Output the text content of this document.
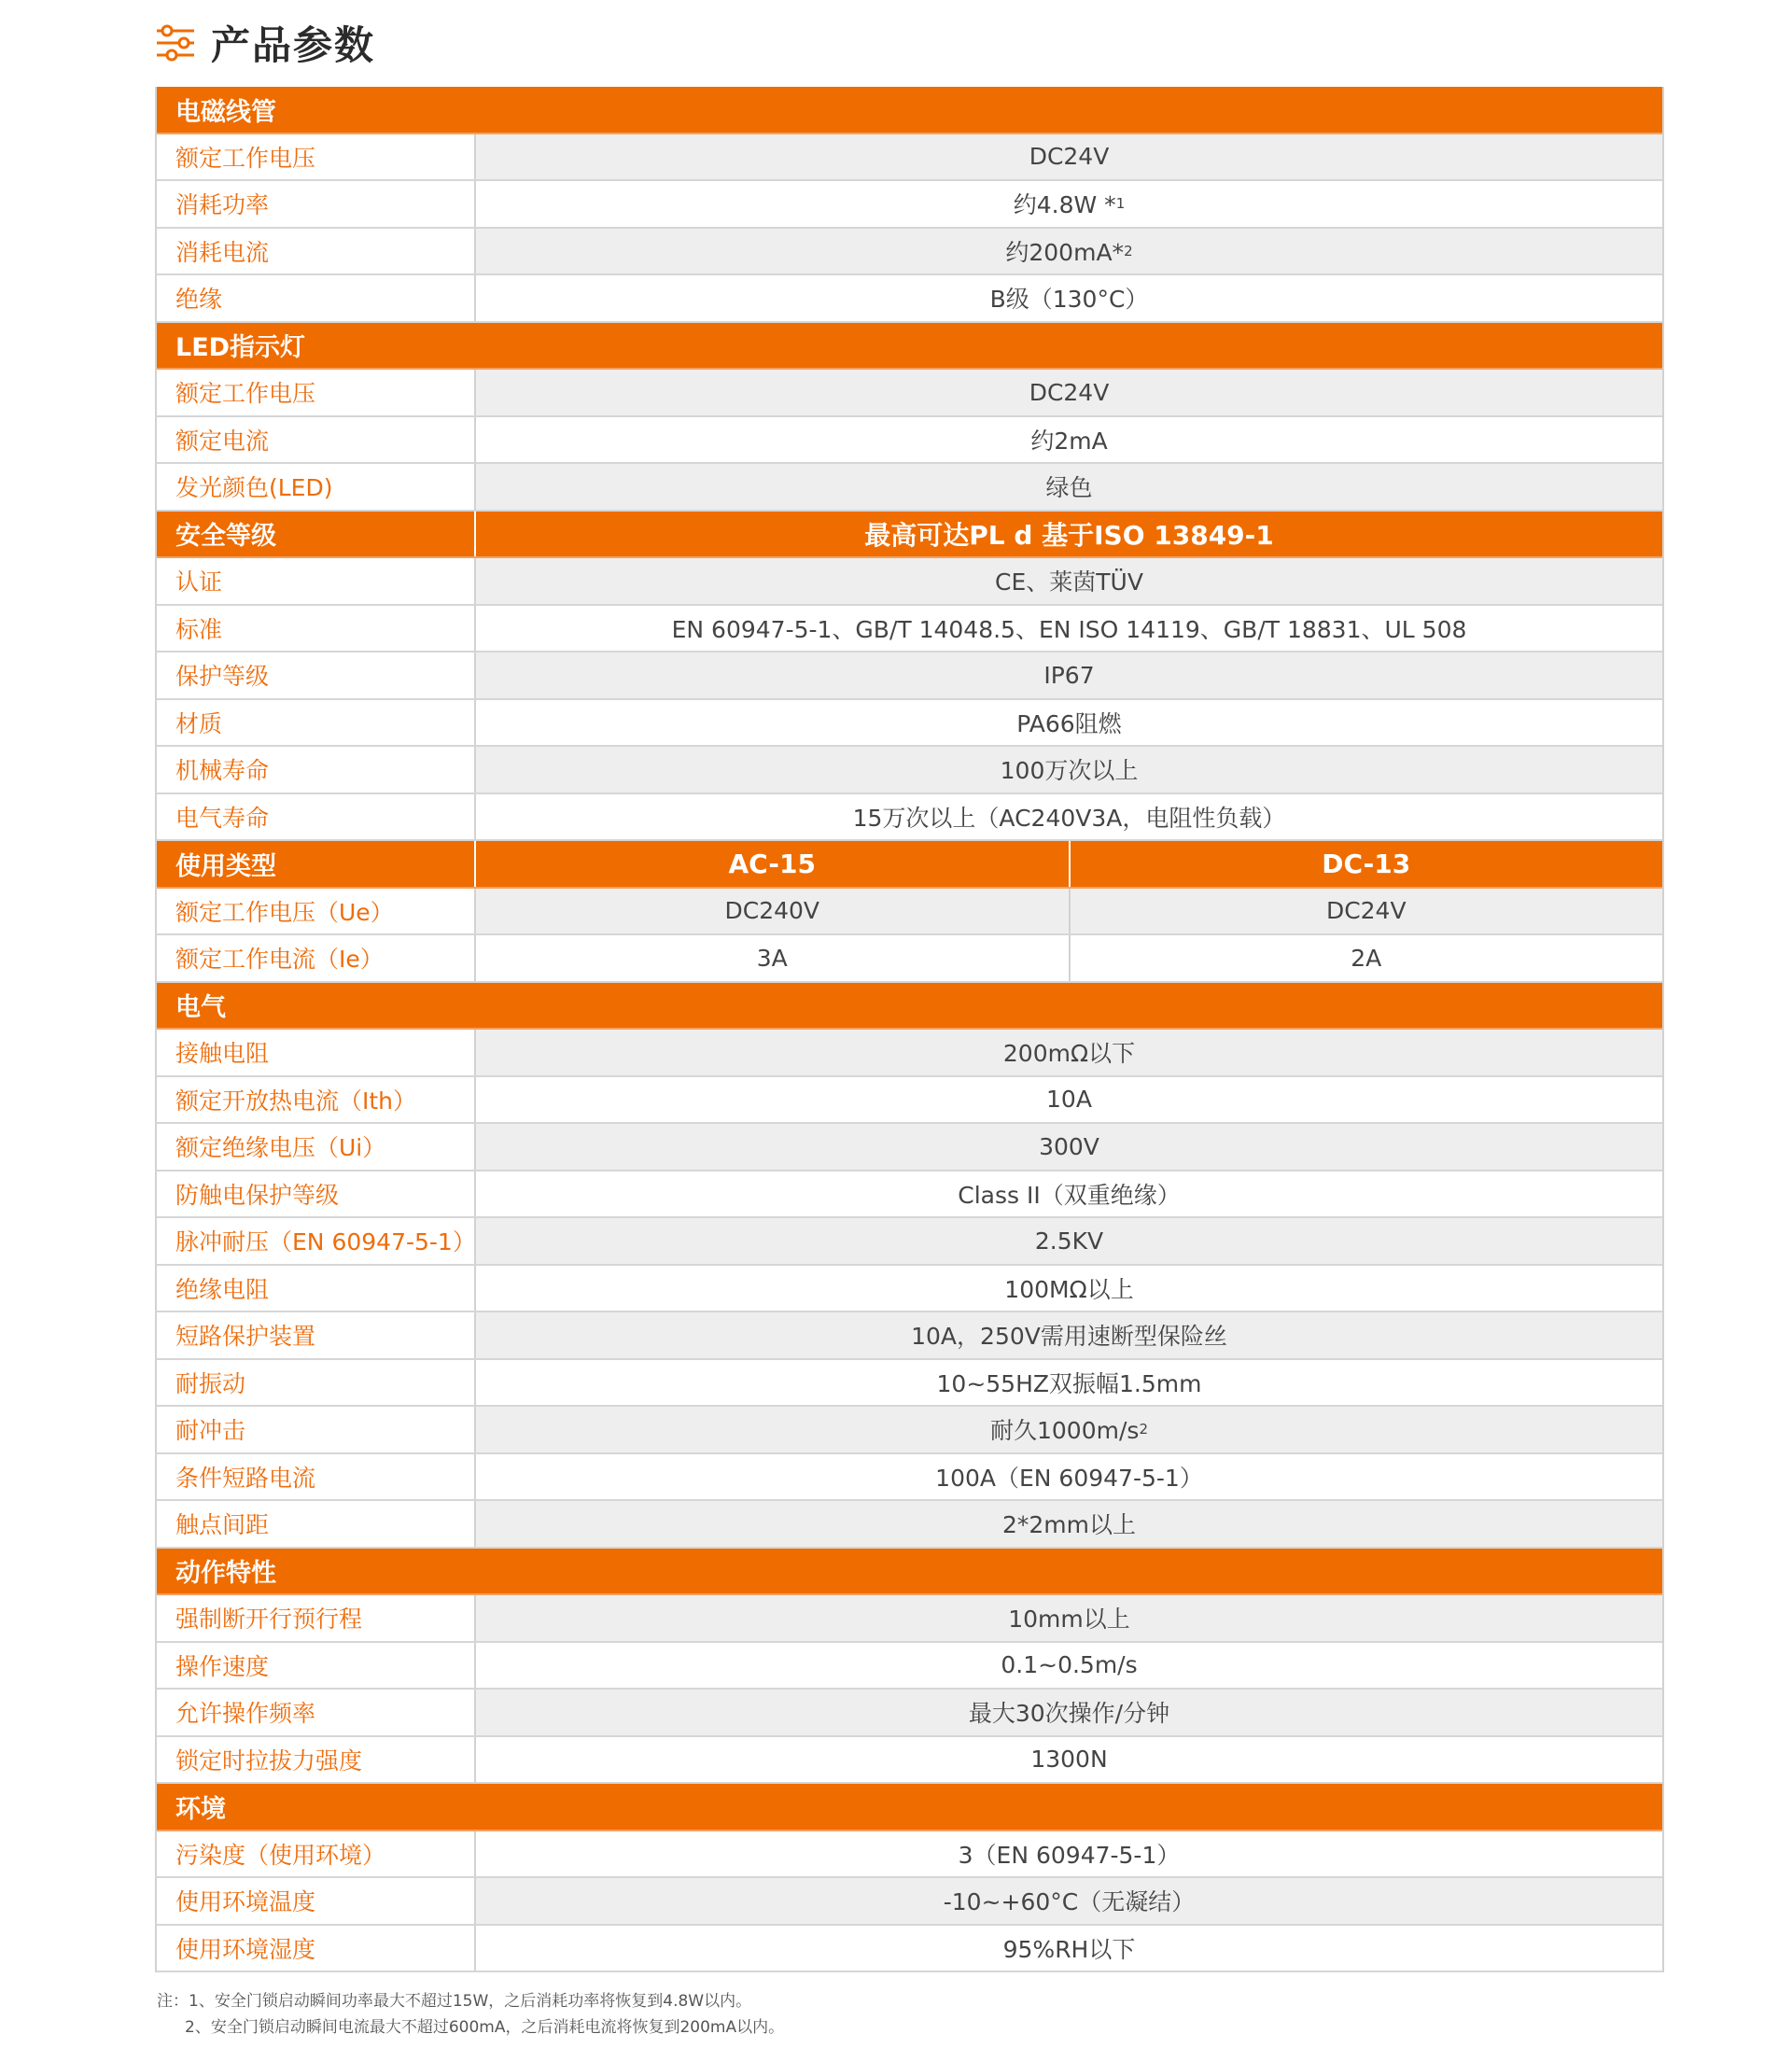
产品参数
电磁线管
额定工作电压	DC24V
消耗功率	约4.8W * 1
消耗电流	约200mA* 2
绝缘	B级（130°C）
LED指示灯
额定工作电压	DC24V
额定电流	约2mA
发光颜色(LED)	绿色
安全等级	最高可达PL d 基于ISO 13849-1
认证	CE、莱茵TÜV
标准	EN 60947-5-1、GB/T 14048.5、EN ISO 14119、GB/T 18831、UL 508
保护等级	IP67
材质	PA66阻燃
机械寿命	100万次以上
电气寿命	15万次以上（AC240V3A，电阻性负载）
使用类型	AC-15	DC-13
额定工作电压（Ue）	DC240V	DC24V
额定工作电流（Ie）	3A	2A
电气
接触电阻	200mΩ以下
额定开放热电流（Ith）	10A
额定绝缘电压（Ui）	300V
防触电保护等级	Class II（双重绝缘）
脉冲耐压（EN 60947-5-1）	2.5KV
绝缘电阻	100MΩ以上
短路保护装置	10A，250V需用速断型保险丝
耐振动	10~55HZ双振幅1.5mm
耐冲击	耐久1000m/s 2
条件短路电流	100A（EN 60947-5-1）
触点间距	2*2mm以上
动作特性
强制断开行预行程	10mm以上
操作速度	0.1~0.5m/s
允许操作频率	最大30次操作/分钟
锁定时拉拔力强度	1300N
环境
污染度（使用环境）	3（EN 60947-5-1）
使用环境温度	-10~+60°C（无凝结）
使用环境湿度	95%RH以下
注：1、安全门锁启动瞬间功率最大不超过15W，之后消耗功率将恢复到4.8W以内。
2、安全门锁启动瞬间电流最大不超过600mA，之后消耗电流将恢复到200mA以内。
